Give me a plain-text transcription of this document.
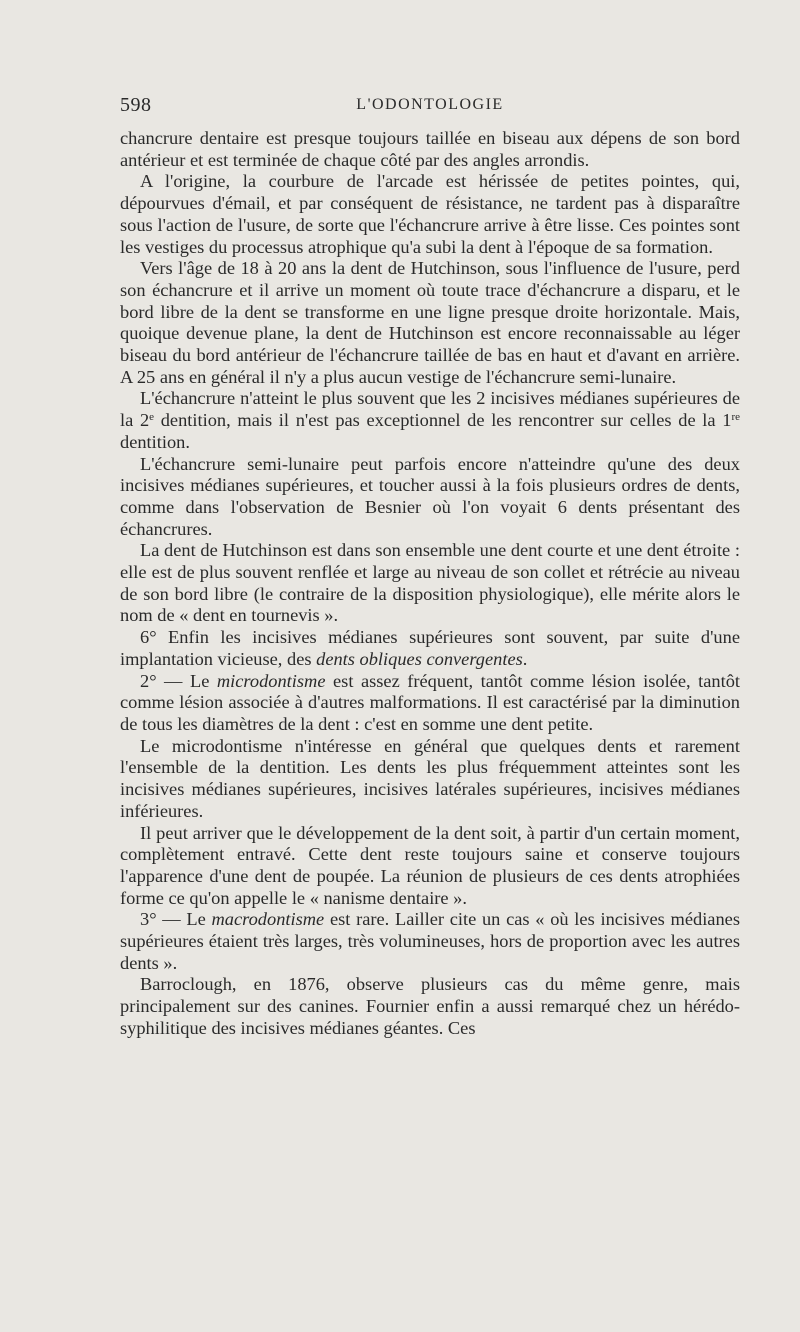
598	L'ODONTOLOGIE

chancrure dentaire est presque toujours taillée en biseau aux dépens de son bord antérieur et est terminée de chaque côté par des angles arrondis.

A l'origine, la courbure de l'arcade est hérissée de petites pointes, qui, dépourvues d'émail, et par conséquent de résistance, ne tardent pas à disparaître sous l'action de l'usure, de sorte que l'échancrure arrive à être lisse. Ces pointes sont les vestiges du processus atrophique qu'a subi la dent à l'époque de sa formation.

Vers l'âge de 18 à 20 ans la dent de Hutchinson, sous l'influence de l'usure, perd son échancrure et il arrive un moment où toute trace d'échancrure a disparu, et le bord libre de la dent se transforme en une ligne presque droite horizontale. Mais, quoique devenue plane, la dent de Hutchinson est encore reconnaissable au léger biseau du bord antérieur de l'échancrure taillée de bas en haut et d'avant en arrière. A 25 ans en général il n'y a plus aucun vestige de l'échancrure semi-lunaire.

L'échancrure n'atteint le plus souvent que les 2 incisives médianes supérieures de la 2e dentition, mais il n'est pas exceptionnel de les rencontrer sur celles de la 1re dentition.

L'échancrure semi-lunaire peut parfois encore n'atteindre qu'une des deux incisives médianes supérieures, et toucher aussi à la fois plusieurs ordres de dents, comme dans l'observation de Besnier où l'on voyait 6 dents présentant des échancrures.

La dent de Hutchinson est dans son ensemble une dent courte et une dent étroite : elle est de plus souvent renflée et large au niveau de son collet et rétrécie au niveau de son bord libre (le contraire de la disposition physiologique), elle mérite alors le nom de « dent en tournevis ».

6° Enfin les incisives médianes supérieures sont souvent, par suite d'une implantation vicieuse, des dents obliques convergentes.

2° — Le microdontisme est assez fréquent, tantôt comme lésion isolée, tantôt comme lésion associée à d'autres malformations. Il est caractérisé par la diminution de tous les diamètres de la dent : c'est en somme une dent petite.

Le microdontisme n'intéresse en général que quelques dents et rarement l'ensemble de la dentition. Les dents les plus fréquemment atteintes sont les incisives médianes supérieures, incisives latérales supérieures, incisives médianes inférieures.

Il peut arriver que le développement de la dent soit, à partir d'un certain moment, complètement entravé. Cette dent reste toujours saine et conserve toujours l'apparence d'une dent de poupée. La réunion de plusieurs de ces dents atrophiées forme ce qu'on appelle le « nanisme dentaire ».

3° — Le macrodontisme est rare. Lailler cite un cas « où les incisives médianes supérieures étaient très larges, très volumineuses, hors de proportion avec les autres dents ».

Barroclough, en 1876, observe plusieurs cas du même genre, mais principalement sur des canines. Fournier enfin a aussi remarqué chez un hérédo-syphilitique des incisives médianes géantes. Ces
